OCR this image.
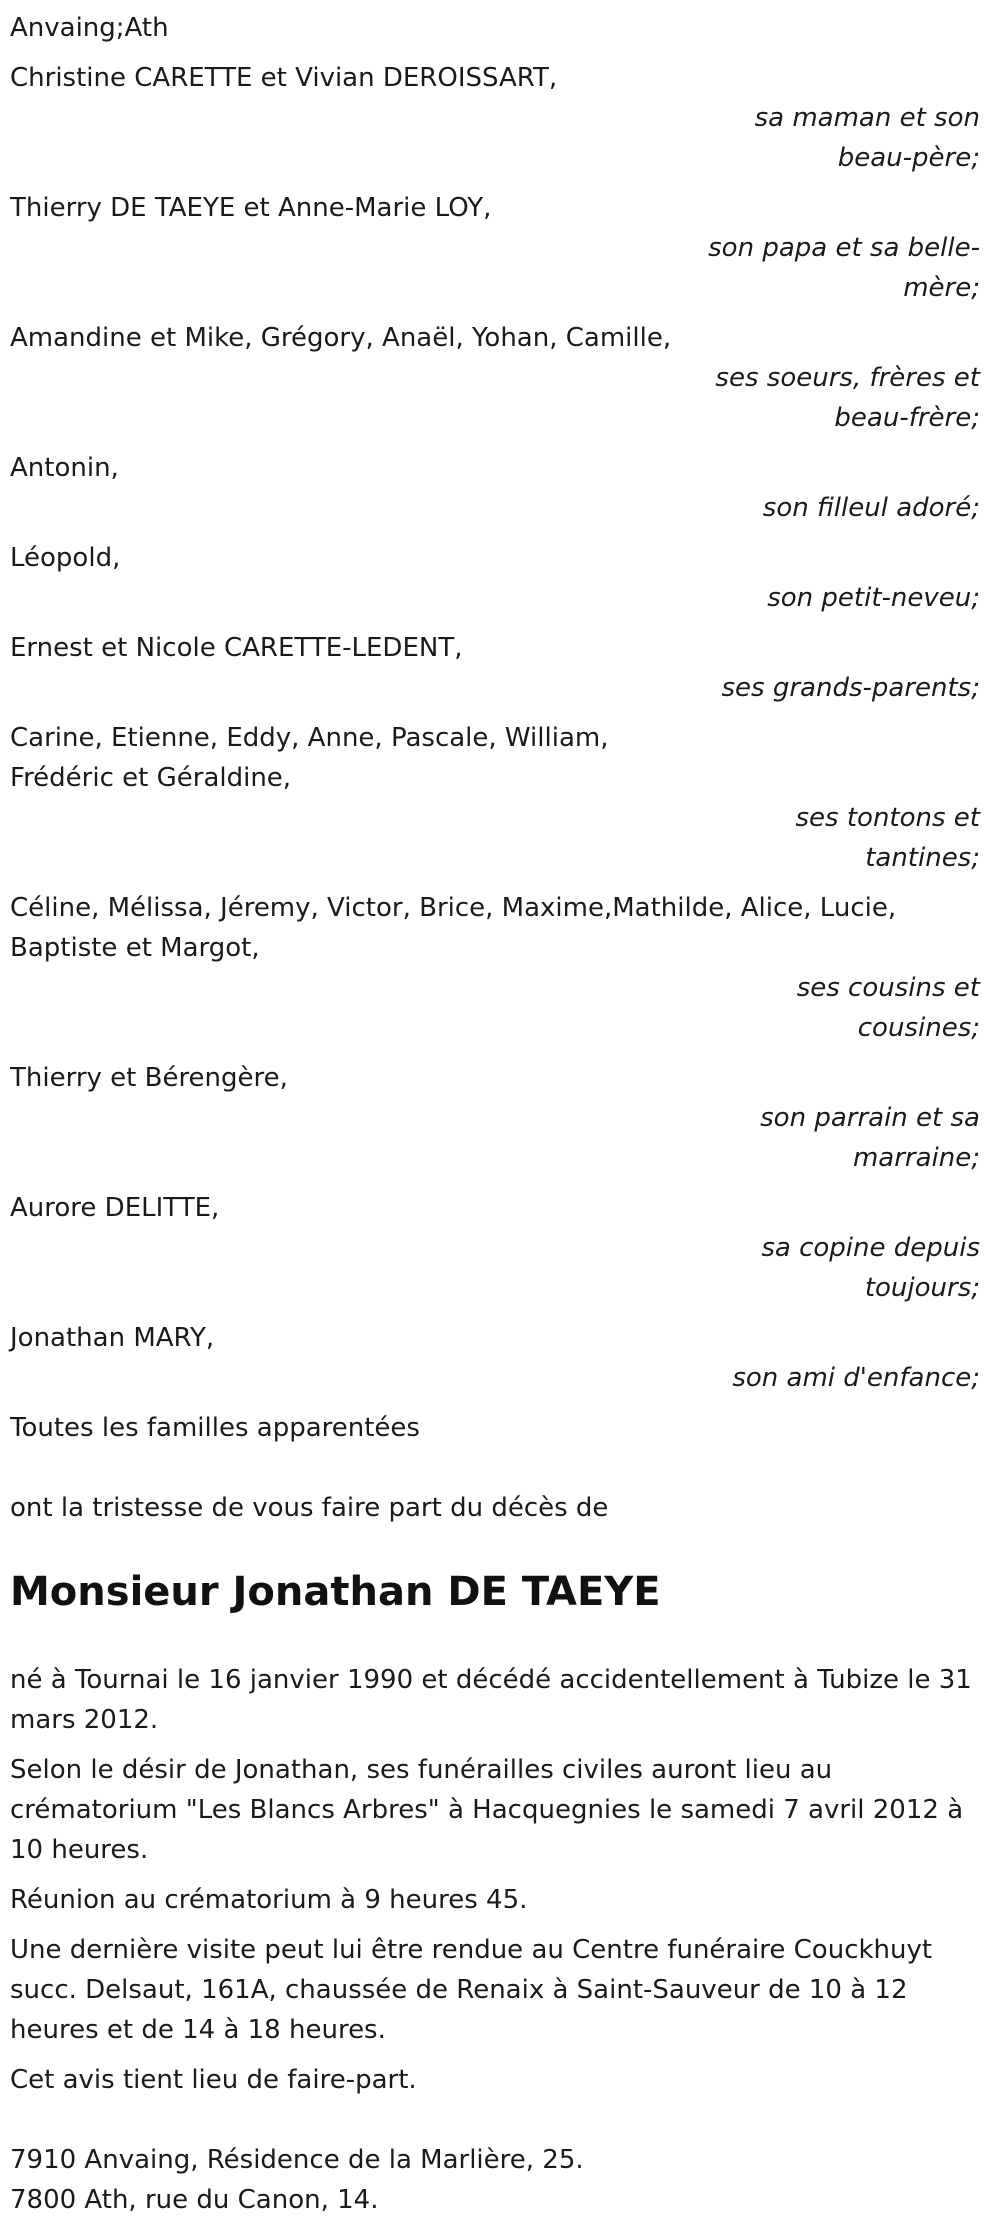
Anvaing;Ath
Christine CARETTE et Vivian DEROISSART,
sa maman et son beau-père;
Thierry DE TAEYE et Anne-Marie LOY,
son papa et sa belle-mère;
Amandine et Mike, Grégory, Anaël, Yohan, Camille,
ses soeurs, frères et beau-frère;
Antonin,
son filleul adoré;
Léopold,
son petit-neveu;
Ernest et Nicole CARETTE-LEDENT,
ses grands-parents;
Carine, Etienne, Eddy, Anne, Pascale, William, Frédéric et Géraldine,
ses tontons et tantines;
Céline, Mélissa, Jéremy, Victor, Brice, Maxime,Mathilde, Alice, Lucie, Baptiste et Margot,
ses cousins et cousines;
Thierry et Bérengère,
son parrain et sa marraine;
Aurore DELITTE,
sa copine depuis toujours;
Jonathan MARY,
son ami d'enfance;
Toutes les familles apparentées
ont la tristesse de vous faire part du décès de
Monsieur Jonathan DE TAEYE

né à Tournai le 16 janvier 1990 et décédé accidentellement à Tubize le 31 mars 2012.

Selon le désir de Jonathan, ses funérailles civiles auront lieu au crématorium "Les Blancs Arbres" à Hacquegnies le samedi 7 avril 2012 à 10 heures.

Réunion au crématorium à 9 heures 45.

Une dernière visite peut lui être rendue au Centre funéraire Couckhuyt succ. Delsaut, 161A, chaussée de Renaix à Saint-Sauveur de 10 à 12 heures et de 14 à 18 heures.

Cet avis tient lieu de faire-part.

7910 Anvaing, Résidence de la Marlière, 25.
7800 Ath, rue du Canon, 14.
